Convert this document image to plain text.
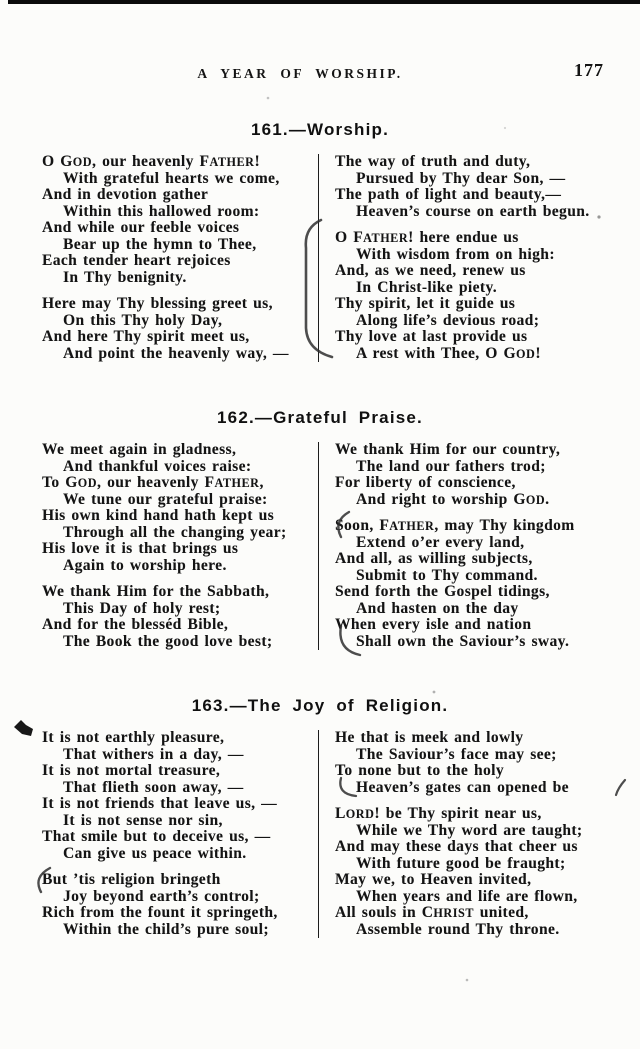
A YEAR OF WORSHIP.	177
161.—Worship.
O GOD, our heavenly FATHER!
With grateful hearts we come,
And in devotion gather
Within this hallowed room:
And while our feeble voices
Bear up the hymn to Thee,
Each tender heart rejoices
In Thy benignity.
Here may Thy blessing greet us,
On this Thy holy Day,
And here Thy spirit meet us,
And point the heavenly way, —
The way of truth and duty,
Pursued by Thy dear Son, —
The path of light and beauty,—
Heaven’s course on earth begun.
O FATHER! here endue us
With wisdom from on high:
And, as we need, renew us
In Christ-like piety.
Thy spirit, let it guide us
Along life’s devious road;
Thy love at last provide us
A rest with Thee, O GOD!
162.—Grateful Praise.
We meet again in gladness,
And thankful voices raise:
To GOD, our heavenly FATHER,
We tune our grateful praise:
His own kind hand hath kept us
Through all the changing year;
His love it is that brings us
Again to worship here.
We thank Him for the Sabbath,
This Day of holy rest;
And for the blesséd Bible,
The Book the good love best;
We thank Him for our country,
The land our fathers trod;
For liberty of conscience,
And right to worship GOD.
Soon, FATHER, may Thy kingdom
Extend o’er every land,
And all, as willing subjects,
Submit to Thy command.
Send forth the Gospel tidings,
And hasten on the day
When every isle and nation
Shall own the Saviour’s sway.
163.—The Joy of Religion.
It is not earthly pleasure,
That withers in a day, —
It is not mortal treasure,
That flieth soon away, —
It is not friends that leave us, —
It is not sense nor sin,
That smile but to deceive us, —
Can give us peace within.
But ’tis religion bringeth
Joy beyond earth’s control;
Rich from the fount it springeth,
Within the child’s pure soul;
He that is meek and lowly
The Saviour’s face may see;
To none but to the holy
Heaven’s gates can opened be
LORD! be Thy spirit near us,
While we Thy word are taught;
And may these days that cheer us
With future good be fraught;
May we, to Heaven invited,
When years and life are flown,
All souls in CHRIST united,
Assemble round Thy throne.
